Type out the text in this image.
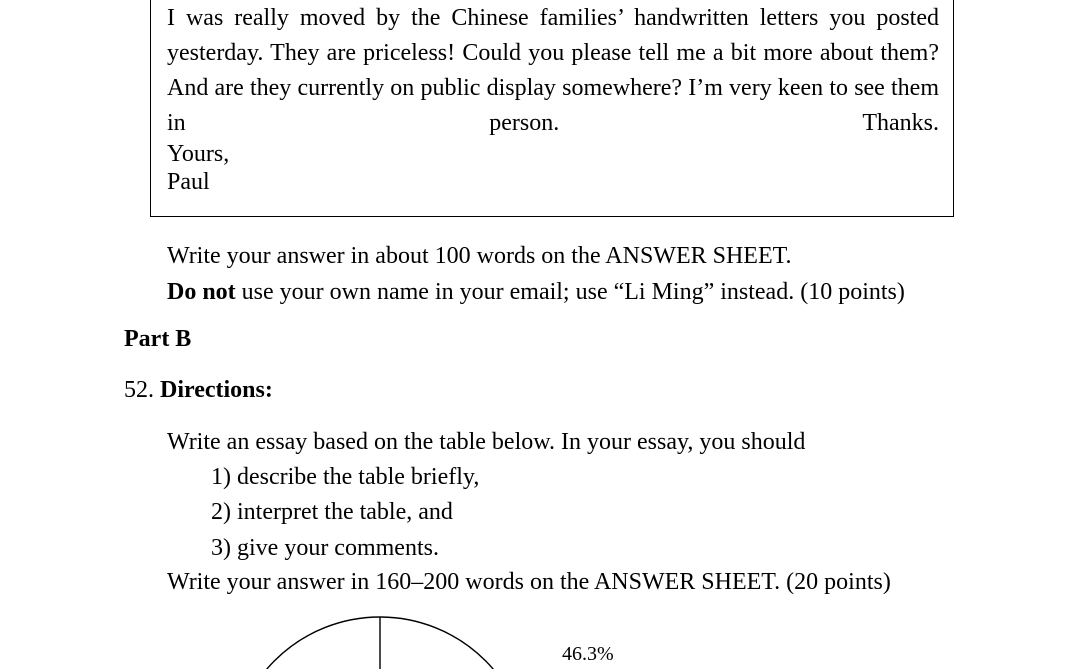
I was really moved by the Chinese families’ handwritten letters you posted yesterday. They are priceless! Could you please tell me a bit more about them? And are they currently on public display somewhere? I’m very keen to see them in person. Thanks.

Yours,

Paul

Write your answer in about 100 words on the ANSWER SHEET.

Do not use your own name in your email; use “Li Ming” instead. (10 points)

Part B

52. Directions:

Write an essay based on the table below. In your essay, you should

1) describe the table briefly,

2) interpret the table, and

3) give your comments.

Write your answer in 160–200 words on the ANSWER SHEET. (20 points)

46.3%
